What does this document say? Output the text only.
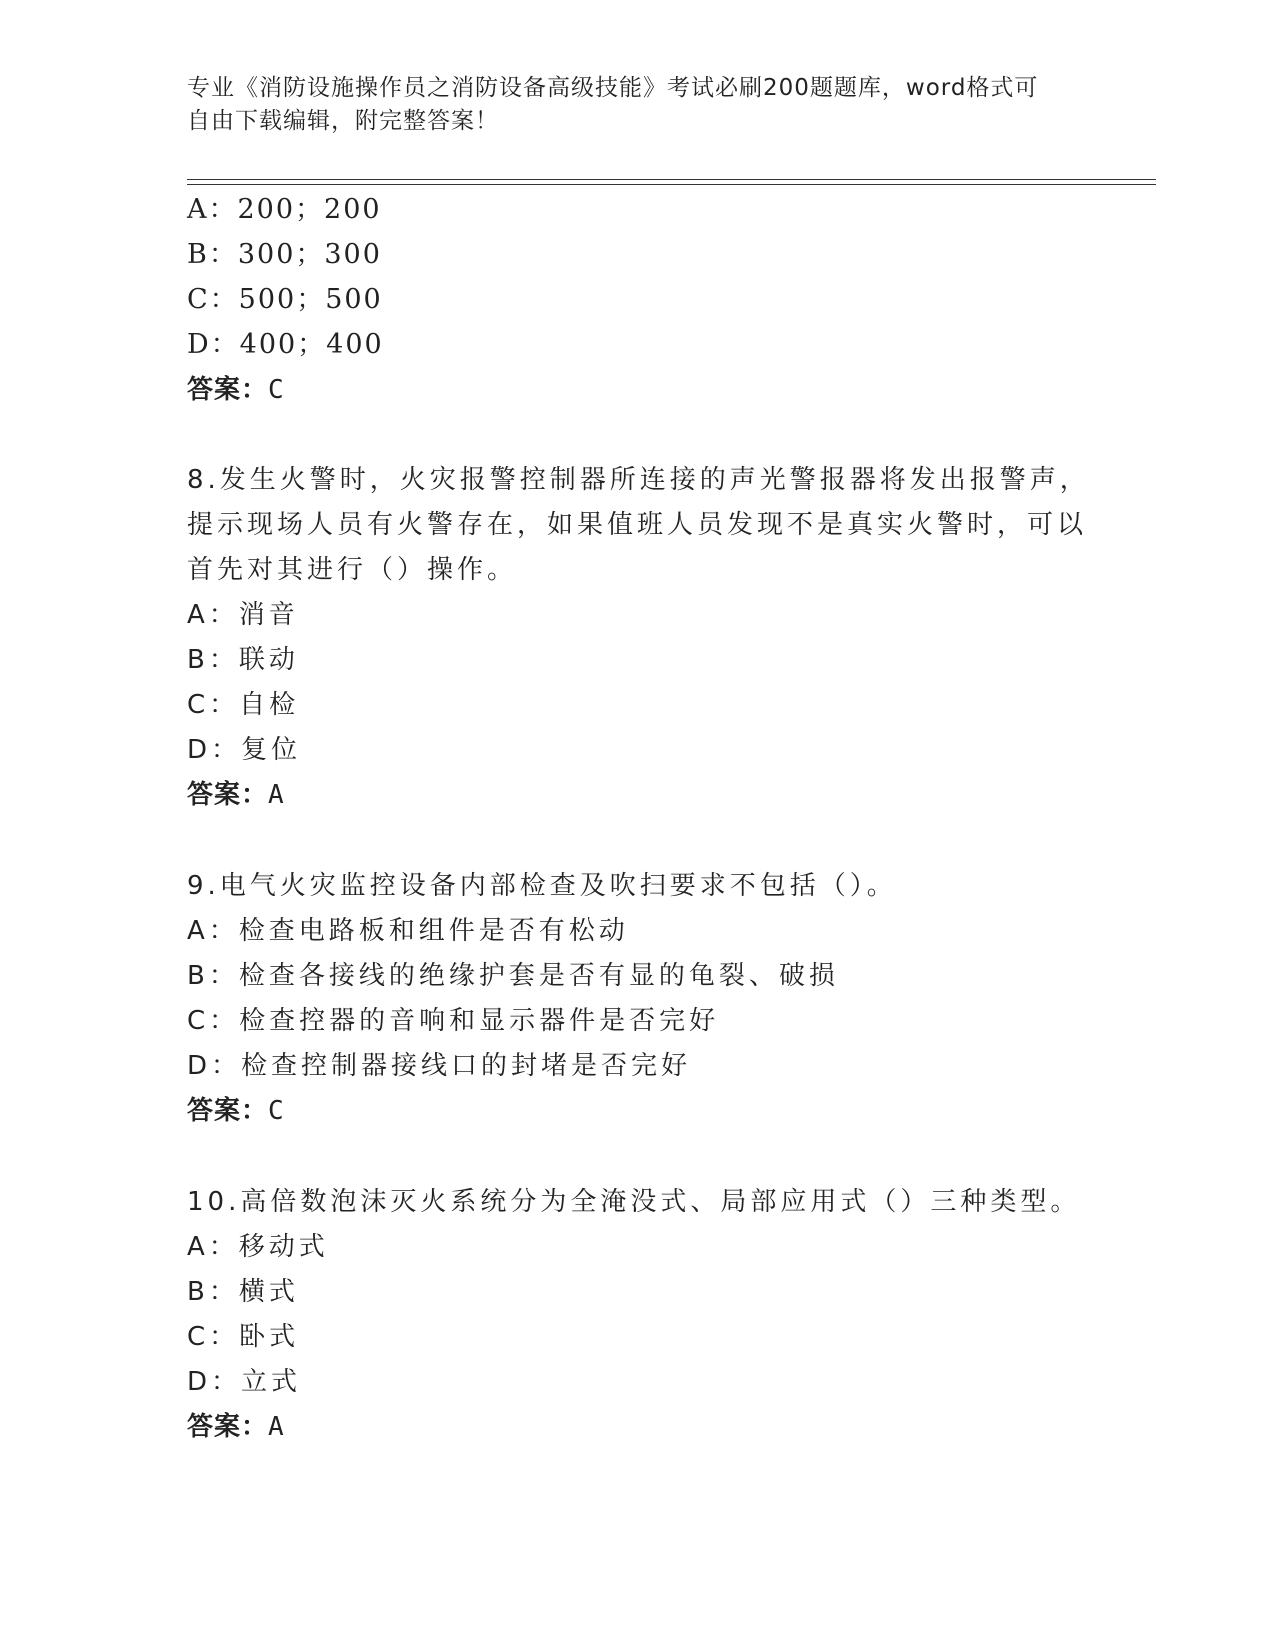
专业《消防设施操作员之消防设备高级技能》考试必刷200题题库，word格式可
自由下载编辑，附完整答案！
A：200；200
B：300；300
C：500；500
D：400；400
答案：C
8.发生火警时，火灾报警控制器所连接的声光警报器将发出报警声，
提示现场人员有火警存在，如果值班人员发现不是真实火警时，可以
首先对其进行（）操作。
A：消音
B：联动
C：自检
D：复位
答案：A
9.电气火灾监控设备内部检查及吹扫要求不包括（）。
A：检查电路板和组件是否有松动
B：检查各接线的绝缘护套是否有显的龟裂、破损
C：检查控器的音响和显示器件是否完好
D：检查控制器接线口的封堵是否完好
答案：C
10.高倍数泡沫灭火系统分为全淹没式、局部应用式（）三种类型。
A：移动式
B：横式
C：卧式
D：立式
答案：A
